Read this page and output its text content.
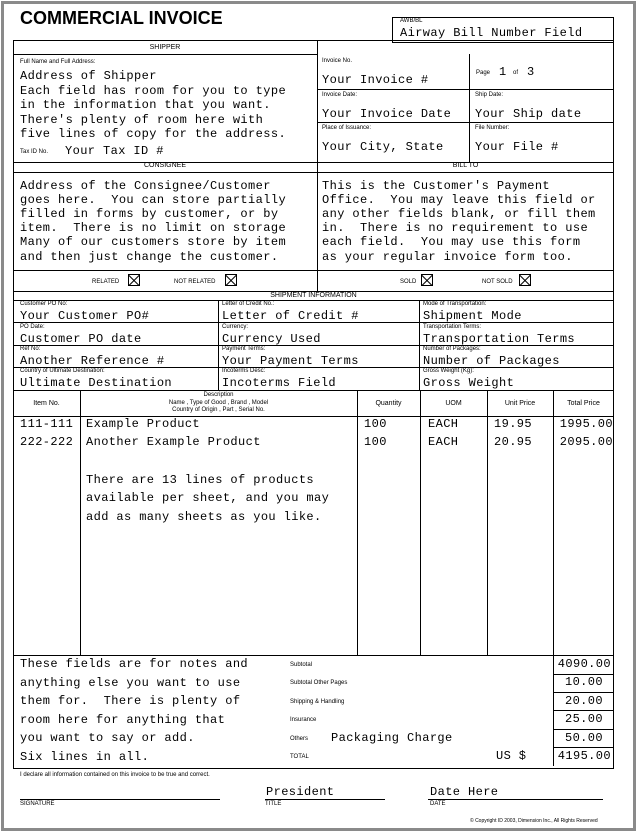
COMMERCIAL INVOICE	AWB/BL
Airway Bill Number Field
SHIPPER
Full Name and Full Address:
Address of Shipper
Each field has room for you to type
in the information that you want.
There's plenty of room here with
five lines of copy for the address.
Tax ID No. Your Tax ID #
Invoice No.
Your Invoice #	Page 1 of 3
Invoice Date:
Your Invoice Date
Ship Date:
Your Ship date
Place of Issuance:
Your City, State
File Number:
Your File #
CONSIGNEE	BILL TO
Address of the Consignee/Customer
goes here.  You can store partially
filled in forms by customer, or by
item.  There is no limit on storage
Many of our customers store by item
and then just change the customer.
This is the Customer's Payment
Office.  You may leave this field or
any other fields blank, or fill them
in.  There is no requirement to use
each field.  You may use this form
as your regular invoice form too.
RELATED	NOT RELATED	SOLD	NOT SOLD
SHIPMENT INFORMATION
Customer PO No:
Your Customer PO#
Letter of Credit No.:
Letter of Credit #
Mode of Transportation:
Shipment Mode
PO Date:
Customer PO date
Currency:
Currency Used
Transportation Terms:
Transportation Terms
Ref No:
Another Reference #
Payment Terms:
Your Payment Terms
Number of Packages:
Number of Packages
Country of Ultimate Destination:
Ultimate Destination
Incoterms Desc:
Incoterms Field
Gross Weight (Kg):
Gross Weight
Item No.
Description
Name , Type of Good , Brand , Model
Country of Origin , Part , Serial No.
Quantity	UOM	Unit Price	Total Price
111-111 Example Product	100	EACH	19.95	1995.00
222-222 Another Example Product	100	EACH	20.95	2095.00
There are 13 lines of products
available per sheet, and you may
add as many sheets as you like.
These fields are for notes and
anything else you want to use
them for.  There is plenty of
room here for anything that
you want to say or add.
Six lines in all.
Subtotal	4090.00
Subtotal Other Pages	10.00
Shipping & Handling	20.00
Insurance	25.00
Others Packaging Charge	50.00
TOTAL	US $	4195.00
I declare all information contained on this invoice to be true and correct.
SIGNATURE
President
TITLE
Date Here
DATE
© Copyright ID 2003, Dimension Inc., All Rights Reserved
